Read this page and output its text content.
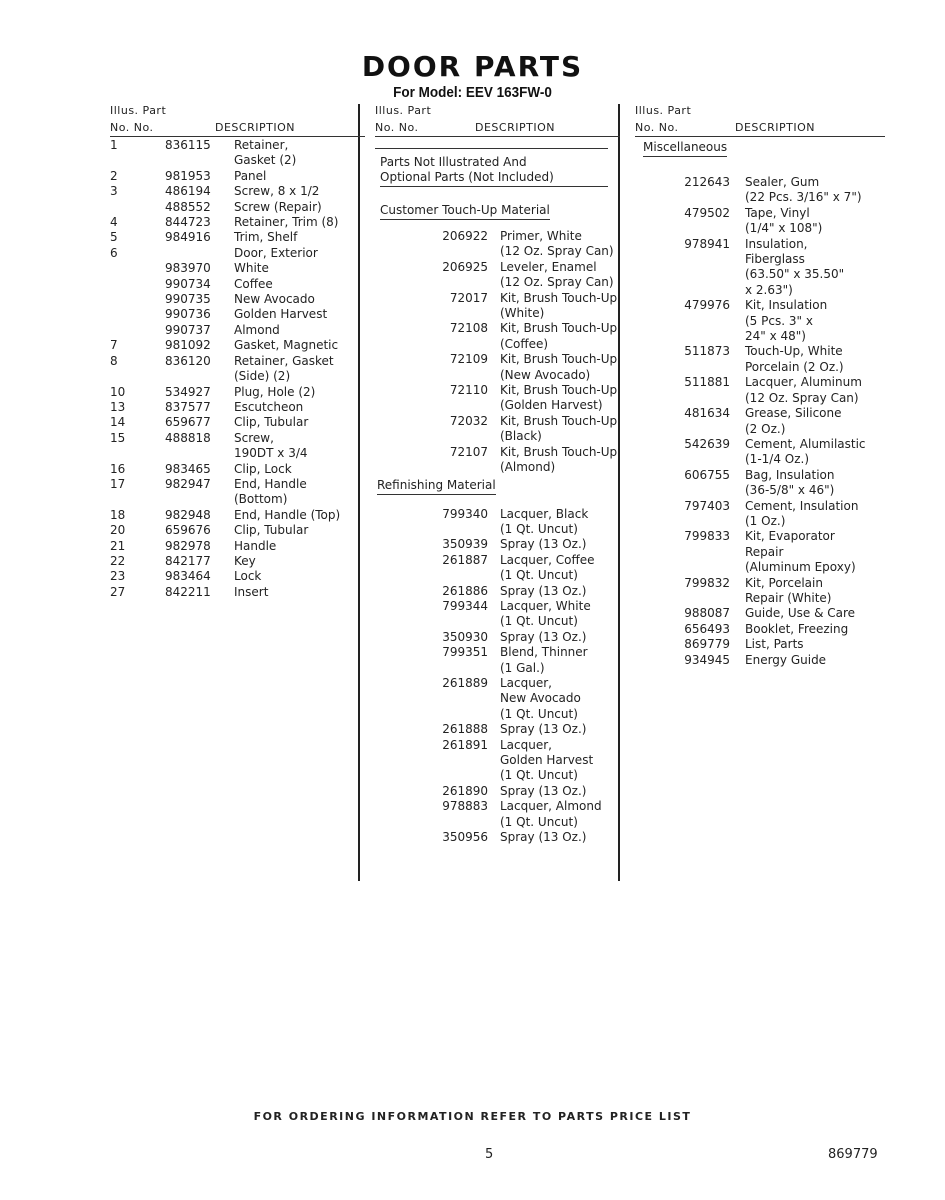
DOOR PARTS
For Model: EEV 163FW-0
Illus. Part
No. No.	DESCRIPTION
1	836115	Retainer,
Gasket (2)
2	981953	Panel
3	486194	Screw, 8 x 1/2
488552	Screw (Repair)
4	844723	Retainer, Trim (8)
5	984916	Trim, Shelf
6	Door, Exterior
983970	White
990734	Coffee
990735	New Avocado
990736	Golden Harvest
990737	Almond
7	981092	Gasket, Magnetic
8	836120	Retainer, Gasket
(Side) (2)
10	534927	Plug, Hole (2)
13	837577	Escutcheon
14	659677	Clip, Tubular
15	488818	Screw,
190DT x 3/4
16	983465	Clip, Lock
17	982947	End, Handle
(Bottom)
18	982948	End, Handle (Top)
20	659676	Clip, Tubular
21	982978	Handle
22	842177	Key
23	983464	Lock
27	842211	Insert
Illus. Part
No. No.	DESCRIPTION
Parts Not Illustrated And
Optional Parts (Not Included)
Customer Touch-Up Material
206922	Primer, White
(12 Oz. Spray Can)
206925	Leveler, Enamel
(12 Oz. Spray Can)
72017	Kit, Brush Touch-Up
(White)
72108	Kit, Brush Touch-Up
(Coffee)
72109	Kit, Brush Touch-Up
(New Avocado)
72110	Kit, Brush Touch-Up
(Golden Harvest)
72032	Kit, Brush Touch-Up
(Black)
72107	Kit, Brush Touch-Up
(Almond)
Refinishing Material
799340	Lacquer, Black
(1 Qt. Uncut)
350939	Spray (13 Oz.)
261887	Lacquer, Coffee
(1 Qt. Uncut)
261886	Spray (13 Oz.)
799344	Lacquer, White
(1 Qt. Uncut)
350930	Spray (13 Oz.)
799351	Blend, Thinner
(1 Gal.)
261889	Lacquer,
New Avocado
(1 Qt. Uncut)
261888	Spray (13 Oz.)
261891	Lacquer,
Golden Harvest
(1 Qt. Uncut)
261890	Spray (13 Oz.)
978883	Lacquer, Almond
(1 Qt. Uncut)
350956	Spray (13 Oz.)
Illus. Part
No. No.	DESCRIPTION
Miscellaneous
212643	Sealer, Gum
(22 Pcs. 3/16" x 7")
479502	Tape, Vinyl
(1/4" x 108")
978941	Insulation,
Fiberglass
(63.50" x 35.50"
x 2.63")
479976	Kit, Insulation
(5 Pcs. 3" x
24" x 48")
511873	Touch-Up, White
Porcelain (2 Oz.)
511881	Lacquer, Aluminum
(12 Oz. Spray Can)
481634	Grease, Silicone
(2 Oz.)
542639	Cement, Alumilastic
(1-1/4 Oz.)
606755	Bag, Insulation
(36-5/8" x 46")
797403	Cement, Insulation
(1 Oz.)
799833	Kit, Evaporator
Repair
(Aluminum Epoxy)
799832	Kit, Porcelain
Repair (White)
988087	Guide, Use & Care
656493	Booklet, Freezing
869779	List, Parts
934945	Energy Guide
FOR ORDERING INFORMATION REFER TO PARTS PRICE LIST
5	869779
